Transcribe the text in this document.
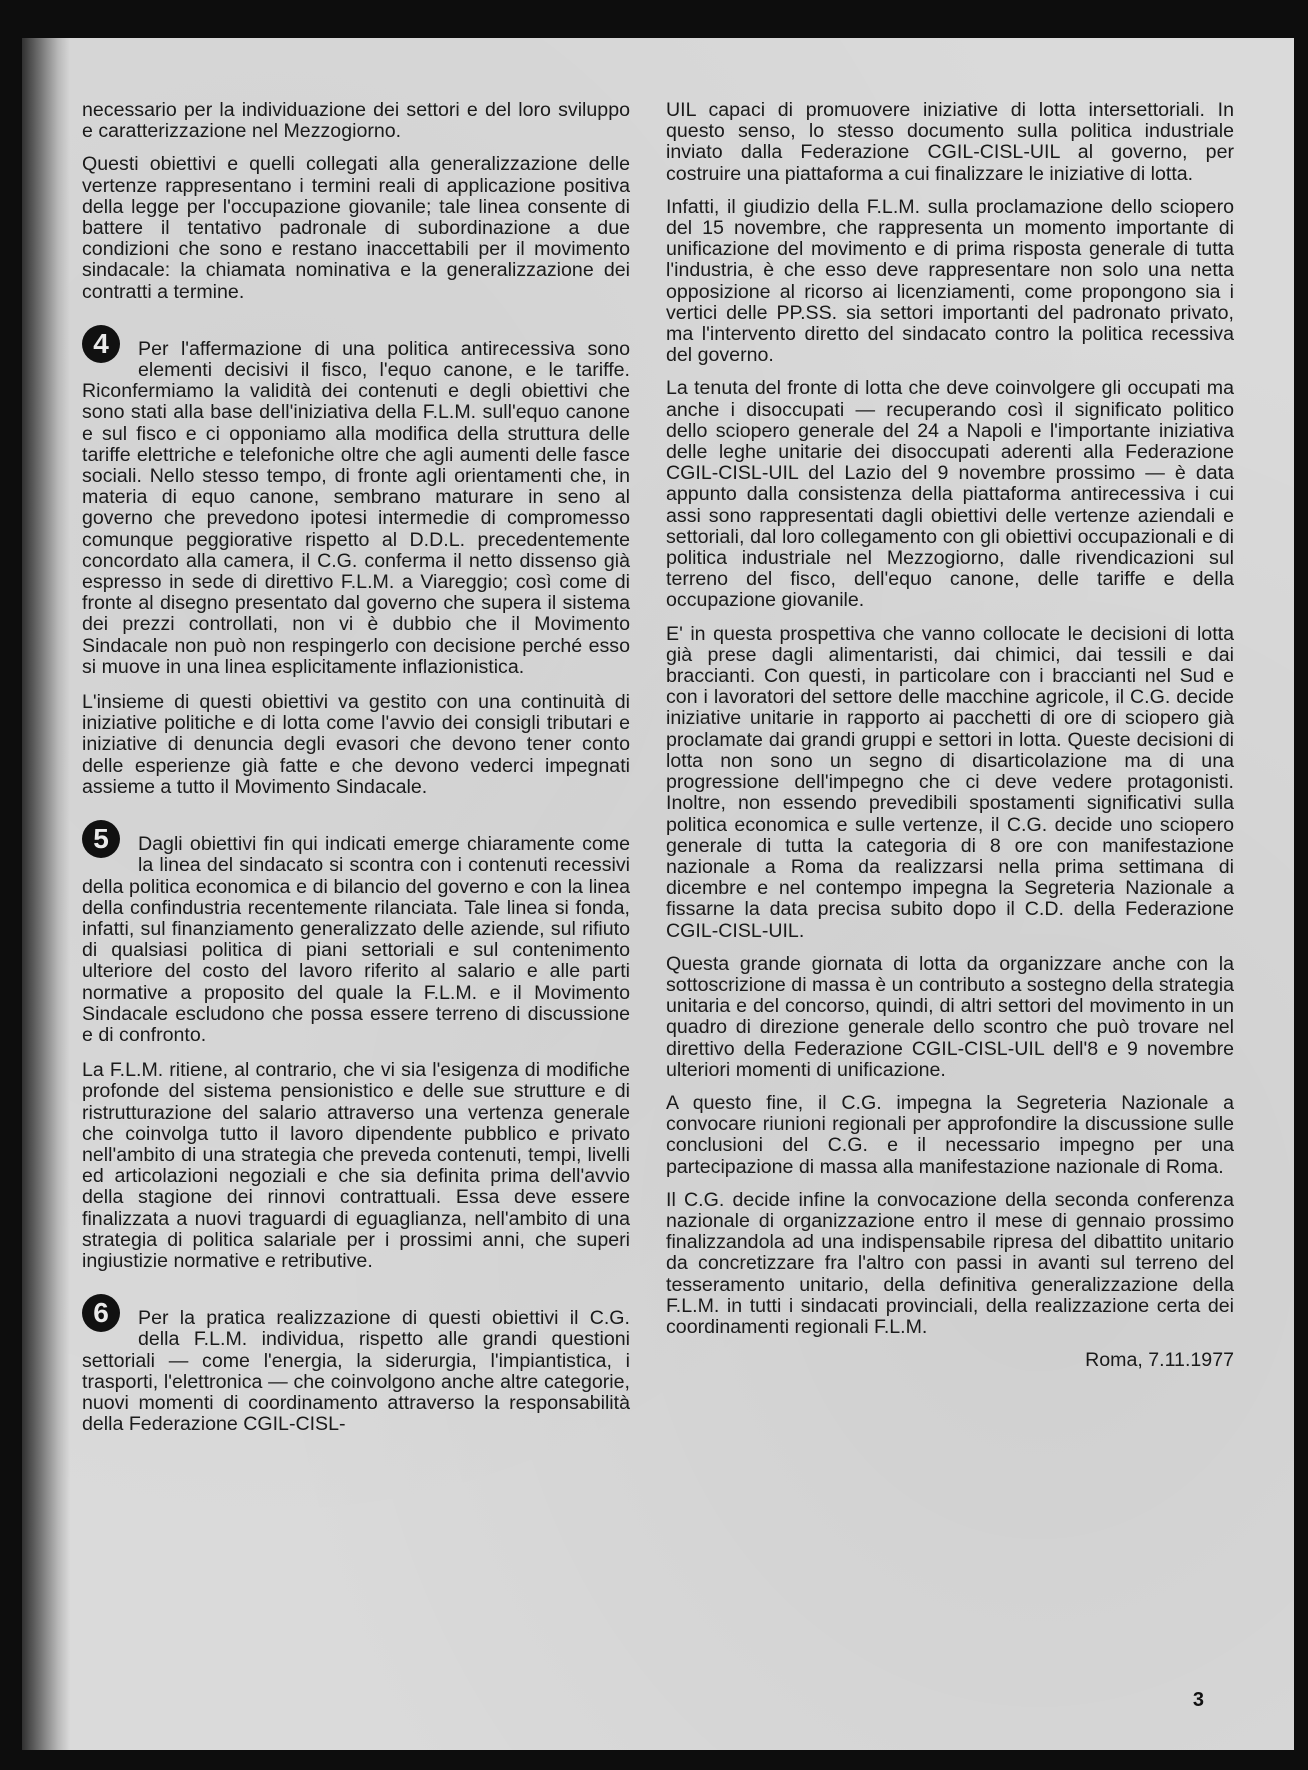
necessario per la individuazione dei settori e del loro sviluppo e caratterizzazione nel Mezzogiorno.

Questi obiettivi e quelli collegati alla generalizzazione delle vertenze rappresentano i termini reali di applicazione positiva della legge per l'occupazione giovanile; tale linea consente di battere il tentativo padronale di subordinazione a due condizioni che sono e restano inaccettabili per il movimento sindacale: la chiamata nominativa e la generalizzazione dei contratti a termine.

4	Per l'affermazione di una politica antirecessiva sono elementi decisivi il fisco, l'equo canone, e le tariffe. Riconfermiamo la validità dei contenuti e degli obiettivi che sono stati alla base dell'iniziativa della F.L.M. sull'equo canone e sul fisco e ci opponiamo alla modifica della struttura delle tariffe elettriche e telefoniche oltre che agli aumenti delle fasce sociali. Nello stesso tempo, di fronte agli orientamenti che, in materia di equo canone, sembrano maturare in seno al governo che prevedono ipotesi intermedie di compromesso comunque peggiorative rispetto al D.D.L. precedentemente concordato alla camera, il C.G. conferma il netto dissenso già espresso in sede di direttivo F.L.M. a Viareggio; così come di fronte al disegno presentato dal governo che supera il sistema dei prezzi controllati, non vi è dubbio che il Movimento Sindacale non può non respingerlo con decisione perché esso si muove in una linea esplicitamente inflazionistica.

L'insieme di questi obiettivi va gestito con una continuità di iniziative politiche e di lotta come l'avvio dei consigli tributari e iniziative di denuncia degli evasori che devono tener conto delle esperienze già fatte e che devono vederci impegnati assieme a tutto il Movimento Sindacale.

5	Dagli obiettivi fin qui indicati emerge chiaramente come la linea del sindacato si scontra con i contenuti recessivi della politica economica e di bilancio del governo e con la linea della confindustria recentemente rilanciata. Tale linea si fonda, infatti, sul finanziamento generalizzato delle aziende, sul rifiuto di qualsiasi politica di piani settoriali e sul contenimento ulteriore del costo del lavoro riferito al salario e alle parti normative a proposito del quale la F.L.M. e il Movimento Sindacale escludono che possa essere terreno di discussione e di confronto.

La F.L.M. ritiene, al contrario, che vi sia l'esigenza di modifiche profonde del sistema pensionistico e delle sue strutture e di ristrutturazione del salario attraverso una vertenza generale che coinvolga tutto il lavoro dipendente pubblico e privato nell'ambito di una strategia che preveda contenuti, tempi, livelli ed articolazioni negoziali e che sia definita prima dell'avvio della stagione dei rinnovi contrattuali. Essa deve essere finalizzata a nuovi traguardi di eguaglianza, nell'ambito di una strategia di politica salariale per i prossimi anni, che superi ingiustizie normative e retributive.

6	Per la pratica realizzazione di questi obiettivi il C.G. della F.L.M. individua, rispetto alle grandi questioni settoriali — come l'energia, la siderurgia, l'impiantistica, i trasporti, l'elettronica — che coinvolgono anche altre categorie, nuovi momenti di coordinamento attraverso la responsabilità della Federazione CGIL-CISL-

UIL capaci di promuovere iniziative di lotta intersettoriali. In questo senso, lo stesso documento sulla politica industriale inviato dalla Federazione CGIL-CISL-UIL al governo, per costruire una piattaforma a cui finalizzare le iniziative di lotta.

Infatti, il giudizio della F.L.M. sulla proclamazione dello sciopero del 15 novembre, che rappresenta un momento importante di unificazione del movimento e di prima risposta generale di tutta l'industria, è che esso deve rappresentare non solo una netta opposizione al ricorso ai licenziamenti, come propongono sia i vertici delle PP.SS. sia settori importanti del padronato privato, ma l'intervento diretto del sindacato contro la politica recessiva del governo.

La tenuta del fronte di lotta che deve coinvolgere gli occupati ma anche i disoccupati — recuperando così il significato politico dello sciopero generale del 24 a Napoli e l'importante iniziativa delle leghe unitarie dei disoccupati aderenti alla Federazione CGIL-CISL-UIL del Lazio del 9 novembre prossimo — è data appunto dalla consistenza della piattaforma antirecessiva i cui assi sono rappresentati dagli obiettivi delle vertenze aziendali e settoriali, dal loro collegamento con gli obiettivi occupazionali e di politica industriale nel Mezzogiorno, dalle rivendicazioni sul terreno del fisco, dell'equo canone, delle tariffe e della occupazione giovanile.

E' in questa prospettiva che vanno collocate le decisioni di lotta già prese dagli alimentaristi, dai chimici, dai tessili e dai braccianti. Con questi, in particolare con i braccianti nel Sud e con i lavoratori del settore delle macchine agricole, il C.G. decide iniziative unitarie in rapporto ai pacchetti di ore di sciopero già proclamate dai grandi gruppi e settori in lotta. Queste decisioni di lotta non sono un segno di disarticolazione ma di una progressione dell'impegno che ci deve vedere protagonisti. Inoltre, non essendo prevedibili spostamenti significativi sulla politica economica e sulle vertenze, il C.G. decide uno sciopero generale di tutta la categoria di 8 ore con manifestazione nazionale a Roma da realizzarsi nella prima settimana di dicembre e nel contempo impegna la Segreteria Nazionale a fissarne la data precisa subito dopo il C.D. della Federazione CGIL-CISL-UIL.

Questa grande giornata di lotta da organizzare anche con la sottoscrizione di massa è un contributo a sostegno della strategia unitaria e del concorso, quindi, di altri settori del movimento in un quadro di direzione generale dello scontro che può trovare nel direttivo della Federazione CGIL-CISL-UIL dell'8 e 9 novembre ulteriori momenti di unificazione.

A questo fine, il C.G. impegna la Segreteria Nazionale a convocare riunioni regionali per approfondire la discussione sulle conclusioni del C.G. e il necessario impegno per una partecipazione di massa alla manifestazione nazionale di Roma.

Il C.G. decide infine la convocazione della seconda conferenza nazionale di organizzazione entro il mese di gennaio prossimo finalizzandola ad una indispensabile ripresa del dibattito unitario da concretizzare fra l'altro con passi in avanti sul terreno del tesseramento unitario, della definitiva generalizzazione della F.L.M. in tutti i sindacati provinciali, della realizzazione certa dei coordinamenti regionali F.L.M.

Roma, 7.11.1977

3
